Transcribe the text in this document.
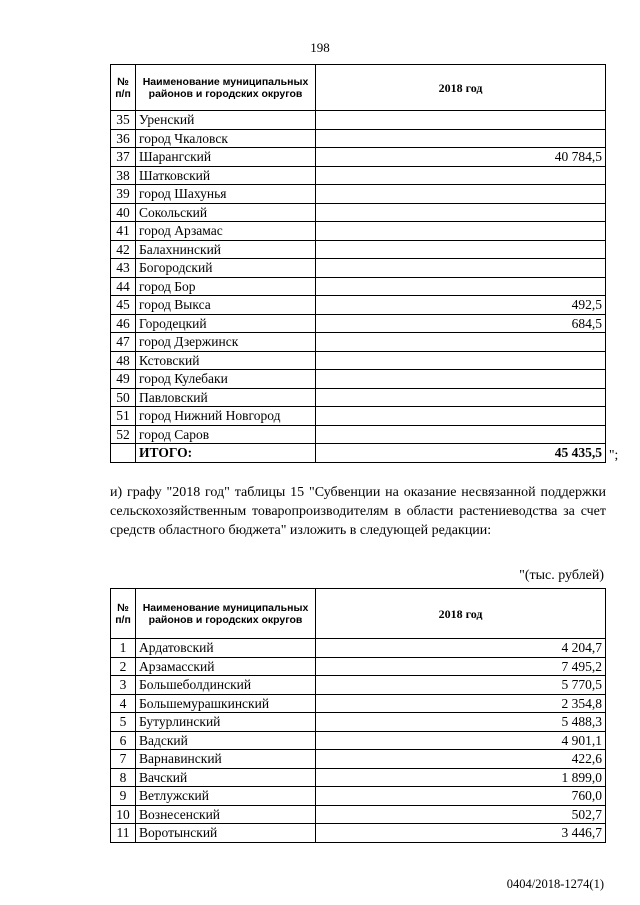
198
№ п/п	Наименование муниципальных районов и городских округов	2018 год
35	Уренский	
36	город Чкаловск	
37	Шарангский	40 784,5
38	Шатковский	
39	город Шахунья	
40	Сокольский	
41	город Арзамас	
42	Балахнинский	
43	Богородский	
44	город Бор	
45	город Выкса	492,5
46	Городецкий	684,5
47	город Дзержинск	
48	Кстовский	
49	город Кулебаки	
50	Павловский	
51	город Нижний Новгород	
52	город Саров	
	ИТОГО:	45 435,5 ";
и) графу "2018 год" таблицы 15 "Субвенции на оказание несвязанной поддержки сельскохозяйственным товаропроизводителям в области растениеводства за счет средств областного бюджета" изложить в следующей редакции:
"(тыс. рублей)
№ п/п	Наименование муниципальных районов и городских округов	2018 год
1	Ардатовский	4 204,7
2	Арзамасский	7 495,2
3	Большеболдинский	5 770,5
4	Большемурашкинский	2 354,8
5	Бутурлинский	5 488,3
6	Вадский	4 901,1
7	Варнавинский	422,6
8	Вачский	1 899,0
9	Ветлужский	760,0
10	Вознесенский	502,7
11	Воротынский	3 446,7
0404/2018-1274(1)
